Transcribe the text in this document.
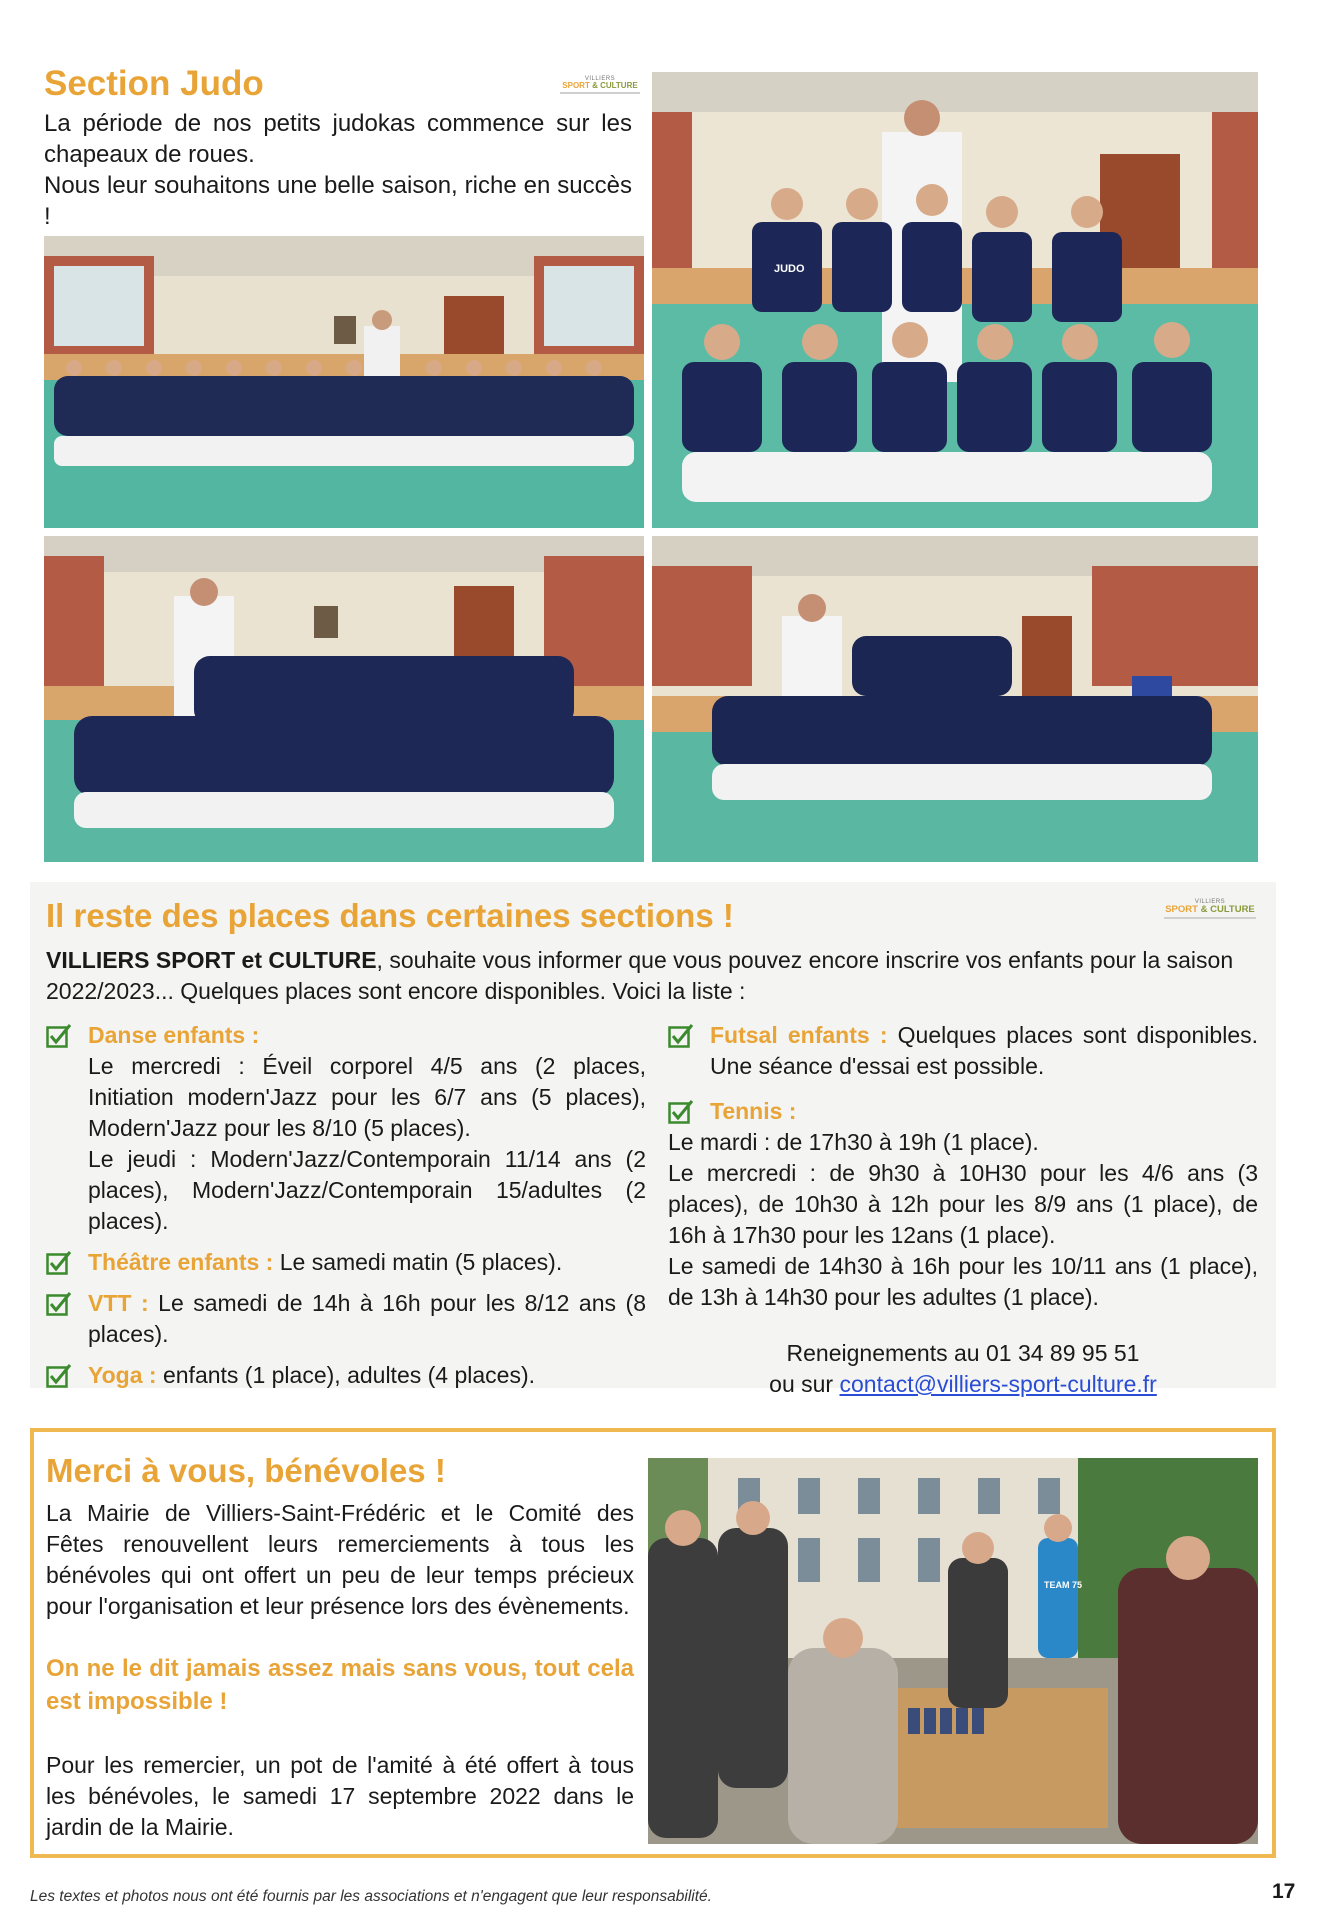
Section Judo	VILLIERS
SPORT & CULTURE

La période de nos petits judokas commence sur les chapeaux de roues.

Nous leur souhaitons une belle saison, riche en succès !

JUDO
Il reste des places dans certaines sections !	VILLIERS
SPORT & CULTURE
VILLIERS SPORT et CULTURE, souhaite vous informer que vous pouvez encore inscrire vos enfants pour la saison 2022/2023... Quelques places sont encore disponibles. Voici la liste :
Danse enfants :
Le mercredi : Éveil corporel 4/5 ans (2 places, Initiation modern'Jazz pour les 6/7 ans (5 places), Modern'Jazz pour les 8/10 (5 places).
Le jeudi : Modern'Jazz/Contemporain 11/14 ans (2 places), Modern'Jazz/Contemporain 15/adultes (2 places).
Théâtre enfants : Le samedi matin (5 places).
VTT : Le samedi de 14h à 16h pour les 8/12 ans (8 places).
Yoga : enfants (1 place), adultes (4 places).
Futsal enfants : Quelques places sont disponibles. Une séance d'essai est possible.
Tennis :
Le mardi : de 17h30 à 19h (1 place).
Le mercredi : de 9h30 à 10H30 pour les 4/6 ans (3 places), de 10h30 à 12h pour les 8/9 ans (1 place), de 16h à 17h30 pour les 12ans (1 place).
Le samedi de 14h30 à 16h pour les 10/11 ans (1 place), de 13h à 14h30 pour les adultes (1 place).
Reneignements au 01 34 89 95 51
ou sur contact@villiers-sport-culture.fr
Merci à vous, bénévoles !
La Mairie de Villiers-Saint-Frédéric et le Comité des Fêtes renouvellent leurs remerciements à tous les bénévoles qui ont offert un peu de leur temps précieux pour l'organisation et leur présence lors des évènements.
On ne le dit jamais assez mais sans vous, tout cela est impossible !
Pour les remercier, un pot de l'amité à été offert à tous les bénévoles, le samedi 17 septembre 2022 dans le jardin de la Mairie.
TEAM 75
Les textes et photos nous ont été fournis par les associations et n'engagent que leur responsabilité.	17
